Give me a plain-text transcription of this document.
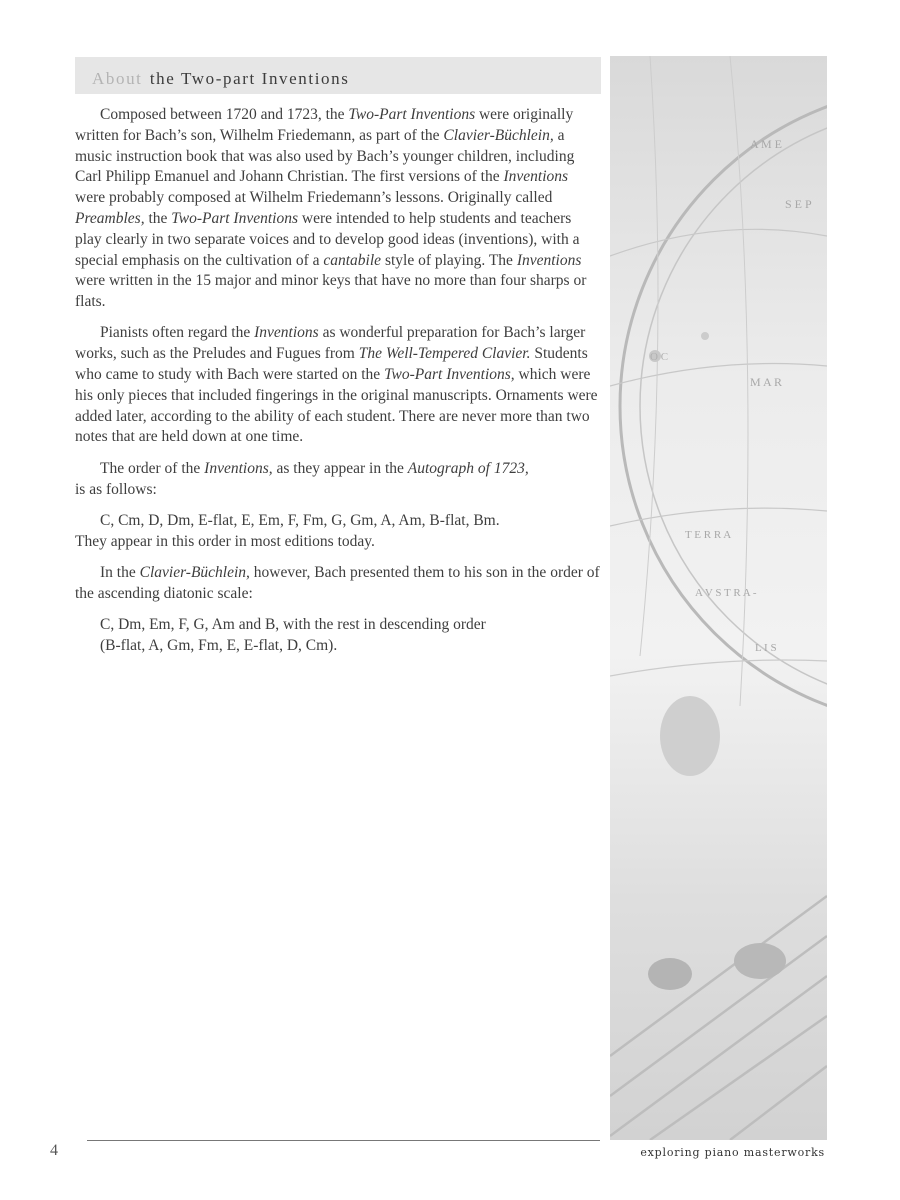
About the Two-part Inventions

Composed between 1720 and 1723, the Two-Part Inventions were originally written for Bach’s son, Wilhelm Friedemann, as part of the Clavier-Büchlein, a music instruction book that was also used by Bach’s younger children, including Carl Philipp Emanuel and Johann Christian. The first versions of the Inventions were probably composed at Wilhelm Friedemann’s lessons. Originally called Preambles, the Two-Part Inventions were intended to help students and teachers play clearly in two separate voices and to develop good ideas (inventions), with a special emphasis on the cultivation of a cantabile style of playing. The Inventions were written in the 15 major and minor keys that have no more than four sharps or flats.

Pianists often regard the Inventions as wonderful preparation for Bach’s larger works, such as the Preludes and Fugues from The Well-Tempered Clavier. Students who came to study with Bach were started on the Two-Part Inventions, which were his only pieces that included fingerings in the original manuscripts. Ornaments were added later, according to the ability of each student. There are never more than two notes that are held down at one time.

The order of the Inventions, as they appear in the Autograph of 1723,
is as follows:

C, Cm, D, Dm, E-flat, E, Em, F, Fm, G, Gm, A, Am, B-flat, Bm.
They appear in this order in most editions today.

In the Clavier-Büchlein, however, Bach presented them to his son in the order of the ascending diatonic scale:

C, Dm, Em, F, G, Am and B, with the rest in descending order
(B-flat, A, Gm, Fm, E, E-flat, D, Cm).
A M E
S E P
O C
M A R
T E R R A
A V S T R A -
L I S
4	exploring piano masterworks
